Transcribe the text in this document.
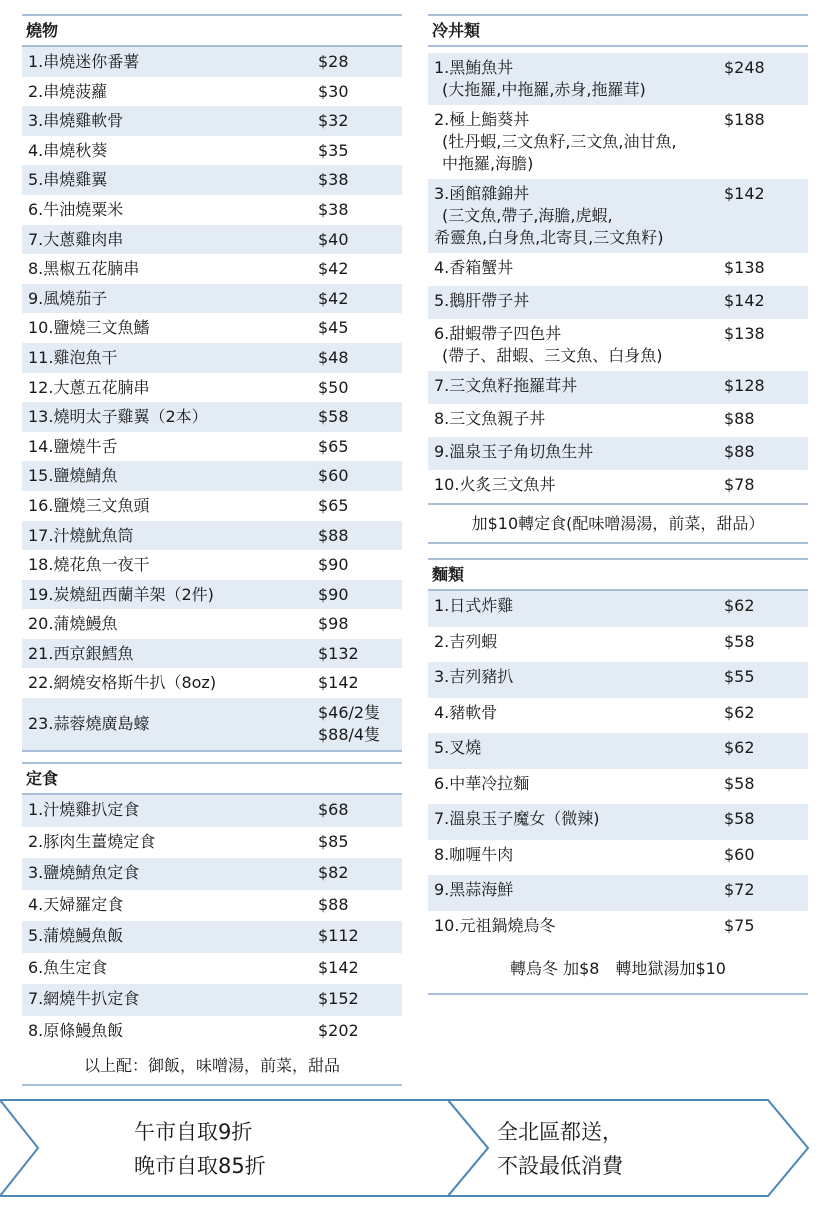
燒物
1.串燒迷你番薯	$28
2.串燒菠蘿	$30
3.串燒雞軟骨	$32
4.串燒秋葵	$35
5.串燒雞翼	$38
6.牛油燒粟米	$38
7.大蔥雞肉串	$40
8.黑椒五花腩串	$42
9.風燒茄子	$42
10.鹽燒三文魚鰭	$45
11.雞泡魚干	$48
12.大蔥五花腩串	$50
13.燒明太子雞翼（2本）	$58
14.鹽燒牛舌	$65
15.鹽燒鯖魚	$60
16.鹽燒三文魚頭	$65
17.汁燒魷魚筒	$88
18.燒花魚一夜干	$90
19.炭燒紐西蘭羊架（2件)	$90
20.蒲燒鰻魚	$98
21.西京銀鱈魚	$132
22.網燒安格斯牛扒（8oz)	$142
23.蒜蓉燒廣島蠔
$46/2隻
$88/4隻
定食
1.汁燒雞扒定食	$68
2.豚肉生薑燒定食	$85
3.鹽燒鯖魚定食	$82
4.天婦羅定食	$88
5.蒲燒鰻魚飯	$112
6.魚生定食	$142
7.網燒牛扒定食	$152
8.原條鰻魚飯	$202
以上配：御飯，味噌湯，前菜，甜品
冷丼類
1.黑鮪魚丼
(大拖羅,中拖羅,赤身,拖羅茸)
$248
2.極上鮨葵丼
(牡丹蝦,三文魚籽,三文魚,油甘魚,
中拖羅,海膽)
$188
3.函館雜錦丼
(三文魚,帶子,海膽,虎蝦,
希靈魚,白身魚,北寄貝,三文魚籽)
$142
4.香箱蟹丼	$138
5.鵝肝帶子丼	$142
6.甜蝦帶子四色丼
(帶子、甜蝦、三文魚、白身魚)
$138
7.三文魚籽拖羅茸丼	$128
8.三文魚親子丼	$88
9.溫泉玉子角切魚生丼	$88
10.火炙三文魚丼	$78
加$10轉定食(配味噌湯湯，前菜，甜品）
麵類
1.日式炸雞	$62
2.吉列蝦	$58
3.吉列豬扒	$55
4.豬軟骨	$62
5.叉燒	$62
6.中華冷拉麵	$58
7.溫泉玉子魔女（微辣)	$58
8.咖喱牛肉	$60
9.黑蒜海鮮	$72
10.元祖鍋燒烏冬	$75
轉烏冬 加$8　轉地獄湯加$10
午市自取9折
晚市自取85折
全北區都送，
不設最低消費
